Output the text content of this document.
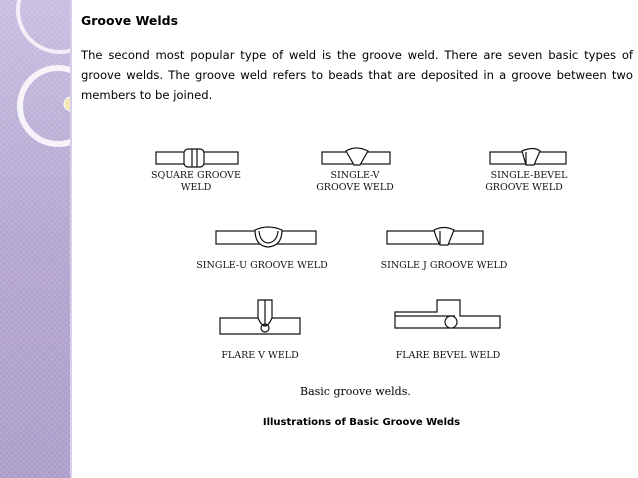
Groove Welds

The second most popular type of weld is the groove weld. There are seven basic types of groove welds. The groove weld refers to beads that are deposited in a groove between two members to be joined.

SQUARE GROOVE
WELD
SINGLE-V
GROOVE WELD
SINGLE-BEVEL
GROOVE WELD
SINGLE-U GROOVE WELD	SINGLE J GROOVE WELD
FLARE V WELD	FLARE BEVEL WELD
Basic groove welds.
Illustrations of Basic Groove Welds
